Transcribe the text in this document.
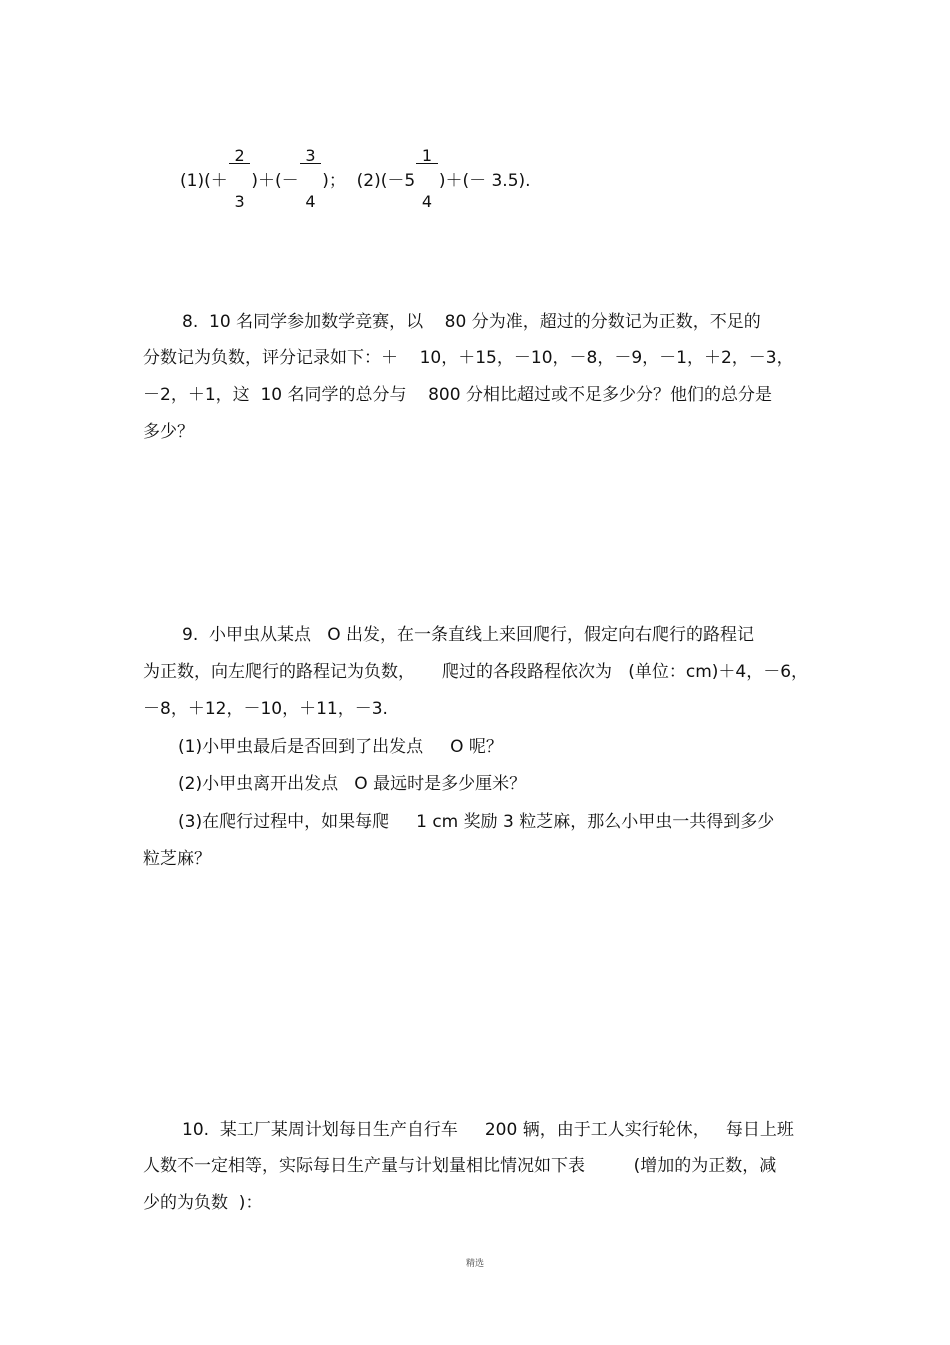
(1)(＋

$\frac{2}{3}$

)＋(－

$\frac{3}{4}$

)；  (2)(－5

$\frac{1}{4}$

)＋(－ 3.5).
8.  10 名同学参加数学竞赛，以    80 分为准，超过的分数记为正数，不足的
分数记为负数，评分记录如下：＋    10，＋15，－10，－8，－9，－1，＋2，－3，
－2，＋1，这  10 名同学的总分与    800 分相比超过或不足多少分？他们的总分是
多少？
9.  小甲虫从某点   O 出发，在一条直线上来回爬行，假定向右爬行的路程记
为正数，向左爬行的路程记为负数，     爬过的各段路程依次为   (单位：cm)＋4，－6，
－8，＋12，－10，＋11，－3.
(1)小甲虫最后是否回到了出发点     O 呢？
(2)小甲虫离开出发点   O 最远时是多少厘米？
(3)在爬行过程中，如果每爬     1 cm 奖励 3 粒芝麻，那么小甲虫一共得到多少
粒芝麻？
10.  某工厂某周计划每日生产自行车     200 辆，由于工人实行轮休，   每日上班
人数不一定相等，实际每日生产量与计划量相比情况如下表         (增加的为正数，减
少的为负数  )：
精选
